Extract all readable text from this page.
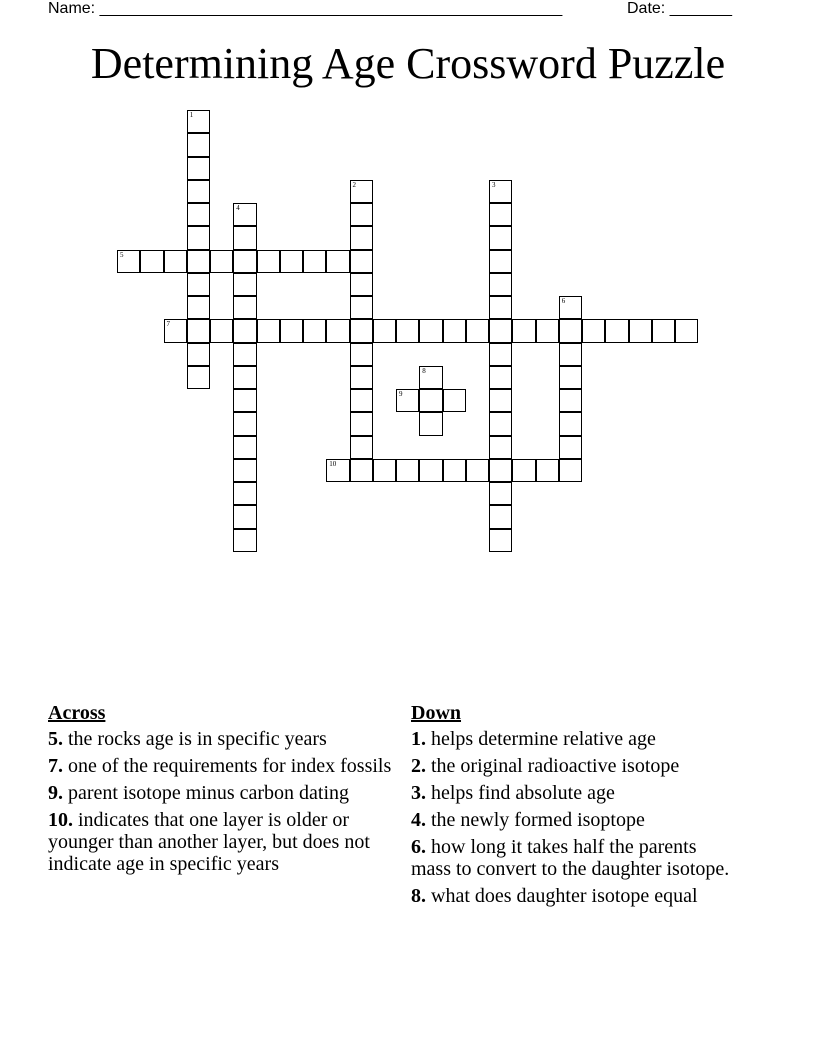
Name: ____________________________________________________	Date: _______
Determining Age Crossword Puzzle
1
2	3
4
5
6
7
8
9
10
Across
5. the rocks age is in specific years
7. one of the requirements for index fossils
9. parent isotope minus carbon dating
10. indicates that one layer is older or younger than another layer, but does not indicate age in specific years
Down
1. helps determine relative age
2. the original radioactive isotope
3. helps find absolute age
4. the newly formed isoptope
6. how long it takes half the parents mass to convert to the daughter isotope.
8. what does daughter isotope equal
